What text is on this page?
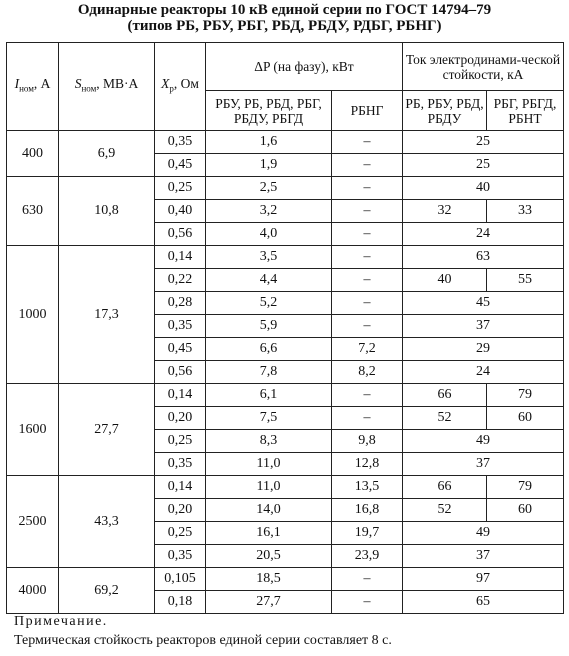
Одинарные реакторы 10 кВ единой серии по ГОСТ 14794–79
(типов РБ, РБУ, РБГ, РБД, РБДУ, РДБГ, РБНГ)
$I_{ном}$, А	$S_{ном}$, МВ·А	$X_р$, Ом	ΔP (на фазу), кВт		Ток электродинами-ческой стойкости, кА	
			РБУ, РБ, РБД, РБГ, РБДУ, РБГД	РБНГ	РБ, РБУ, РБД, РБДУ	РБГ, РБГД, РБНТ
400	6,9	0,35	1,6	–	25	
		0,45	1,9	–	25	
630	10,8	0,25	2,5	–	40	
		0,40	3,2	–	32	33
		0,56	4,0	–	24	
1000	17,3	0,14	3,5	–	63	
		0,22	4,4	–	40	55
		0,28	5,2	–	45	
		0,35	5,9	–	37	
		0,45	6,6	7,2	29	
		0,56	7,8	8,2	24	
1600	27,7	0,14	6,1	–	66	79
		0,20	7,5	–	52	60
		0,25	8,3	9,8	49	
		0,35	11,0	12,8	37	
2500	43,3	0,14	11,0	13,5	66	79
		0,20	14,0	16,8	52	60
		0,25	16,1	19,7	49	
		0,35	20,5	23,9	37	
4000	69,2	0,105	18,5	–	97	
		0,18	27,7	–	65	
Примечание.
Термическая стойкость реакторов единой серии составляет 8 с.
